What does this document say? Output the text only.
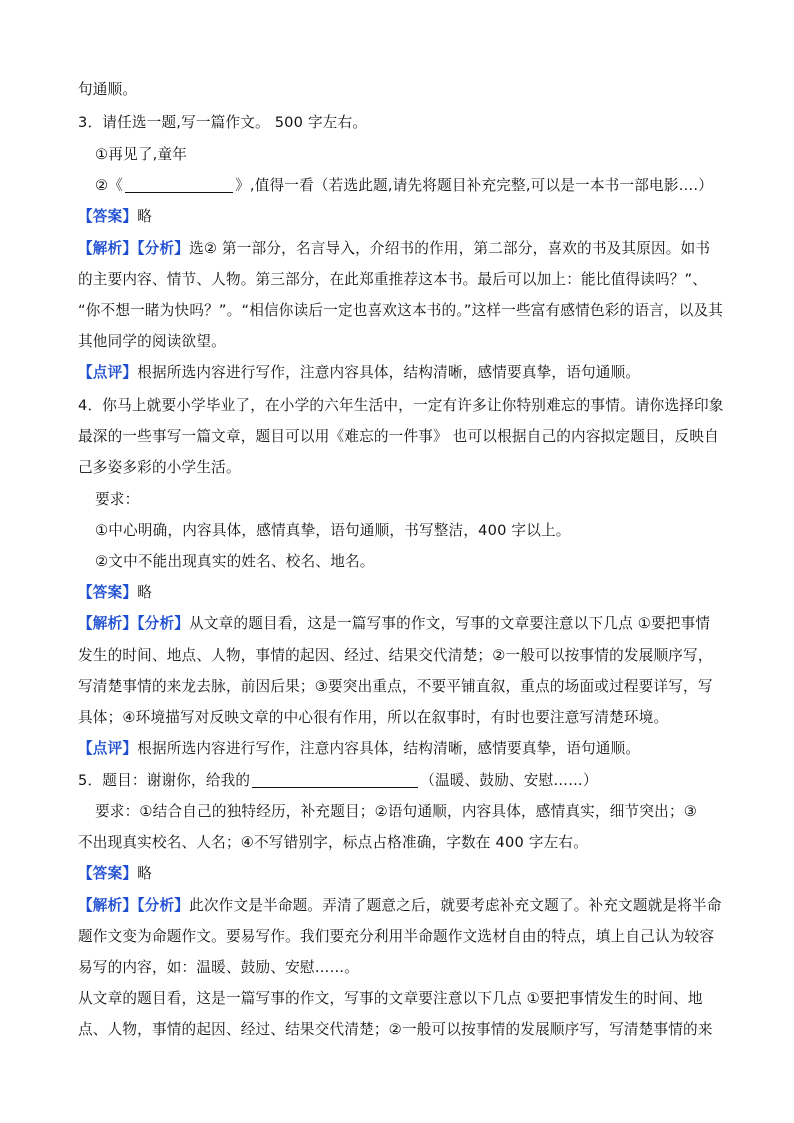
句通顺。
3．请任选一题,写一篇作文。 500 字左右。
①再见了,童年
②《	》,值得一看（若选此题,请先将题目补充完整,可以是一本书一部电影….）
【答案】略
【解析】【分析】选② 第一部分，名言导入，介绍书的作用，第二部分，喜欢的书及其原因。如书
的主要内容、情节、人物。第三部分，在此郑重推荐这本书。最后可以加上：能比值得读吗？”、
“你不想一睹为快吗？”。“相信你读后一定也喜欢这本书的。”这样一些富有感情色彩的语言，以及其
其他同学的阅读欲望。
【点评】根据所选内容进行写作，注意内容具体，结构清晰，感情要真挚，语句通顺。
4．你马上就要小学毕业了，在小学的六年生活中，一定有许多让你特别难忘的事情。请你选择印象
最深的一些事写一篇文章，题目可以用《难忘的一件事》 也可以根据自己的内容拟定题目，反映自
己多姿多彩的小学生活。
要求：
①中心明确，内容具体，感情真挚，语句通顺，书写整洁，400 字以上。
②文中不能出现真实的姓名、校名、地名。
【答案】略
【解析】【分析】从文章的题目看，这是一篇写事的作文，写事的文章要注意以下几点 ①要把事情
发生的时间、地点、人物，事情的起因、经过、结果交代清楚；②一般可以按事情的发展顺序写，
写清楚事情的来龙去脉，前因后果；③要突出重点，不要平铺直叙，重点的场面或过程要详写，写
具体；④环境描写对反映文章的中心很有作用，所以在叙事时，有时也要注意写清楚环境。
【点评】根据所选内容进行写作，注意内容具体，结构清晰，感情要真挚，语句通顺。
5．题目：谢谢你，给我的	（温暖、鼓励、安慰……）
要求：①结合自己的独特经历，补充题目；②语句通顺，内容具体，感情真实，细节突出；③
不出现真实校名、人名；④不写错别字，标点占格准确，字数在 400 字左右。
【答案】略
【解析】【分析】此次作文是半命题。弄清了题意之后，就要考虑补充文题了。补充文题就是将半命
题作文变为命题作文。要易写作。我们要充分利用半命题作文选材自由的特点，填上自己认为较容
易写的内容，如：温暖、鼓励、安慰……。
从文章的题目看，这是一篇写事的作文，写事的文章要注意以下几点 ①要把事情发生的时间、地
点、人物，事情的起因、经过、结果交代清楚；②一般可以按事情的发展顺序写，写清楚事情的来
